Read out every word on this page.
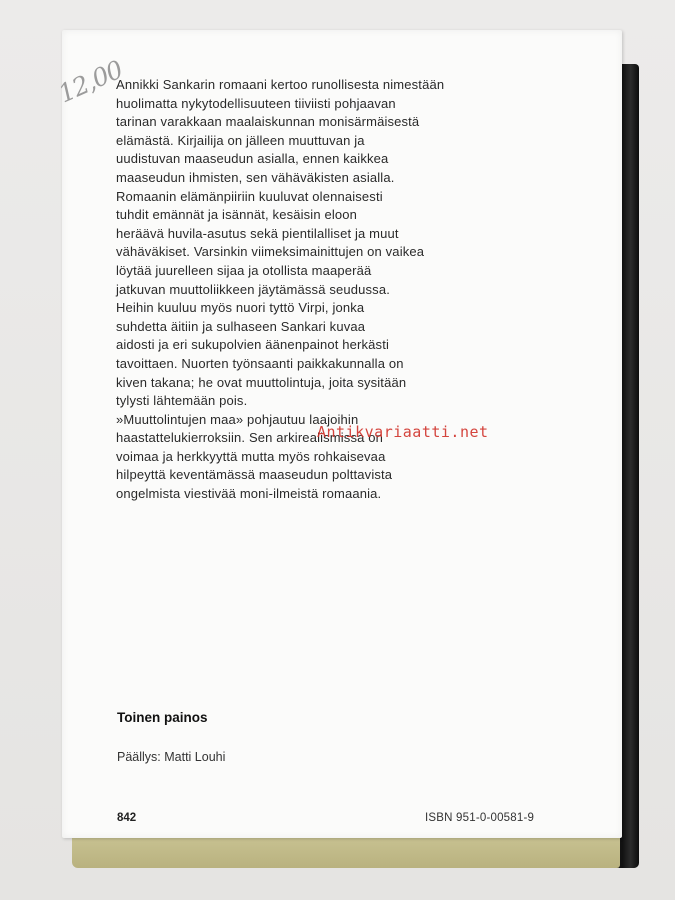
12,00
Annikki Sankarin romaani kertoo runollisesta nimestään
huolimatta nykytodellisuuteen tiiviisti pohjaavan
tarinan varakkaan maalaiskunnan monisärmäisestä
elämästä. Kirjailija on jälleen muuttuvan ja
uudistuvan maaseudun asialla, ennen kaikkea
maaseudun ihmisten, sen vähäväkisten asialla.
Romaanin elämänpiiriin kuuluvat olennaisesti
tuhdit emännät ja isännät, kesäisin eloon
heräävä huvila-asutus sekä pientilalliset ja muut
vähäväkiset. Varsinkin viimeksimainittujen on vaikea
löytää juurelleen sijaa ja otollista maaperää
jatkuvan muuttoliikkeen jäytämässä seudussa.
Heihin kuuluu myös nuori tyttö Virpi, jonka
suhdetta äitiin ja sulhaseen Sankari kuvaa
aidosti ja eri sukupolvien äänenpainot herkästi
tavoittaen. Nuorten työnsaanti paikkakunnalla on
kiven takana; he ovat muuttolintuja, joita sysitään
tylysti lähtemään pois.
»Muuttolintujen maa» pohjautuu laajoihin
haastattelukierroksiin. Sen arkirealismissa on
voimaa ja herkkyyttä mutta myös rohkaisevaa
hilpeyttä keventämässä maaseudun polttavista
ongelmista viestivää moni-ilmeistä romaania.
Antikvariaatti.net
Toinen painos
Päällys: Matti Louhi
842	ISBN 951-0-00581-9
